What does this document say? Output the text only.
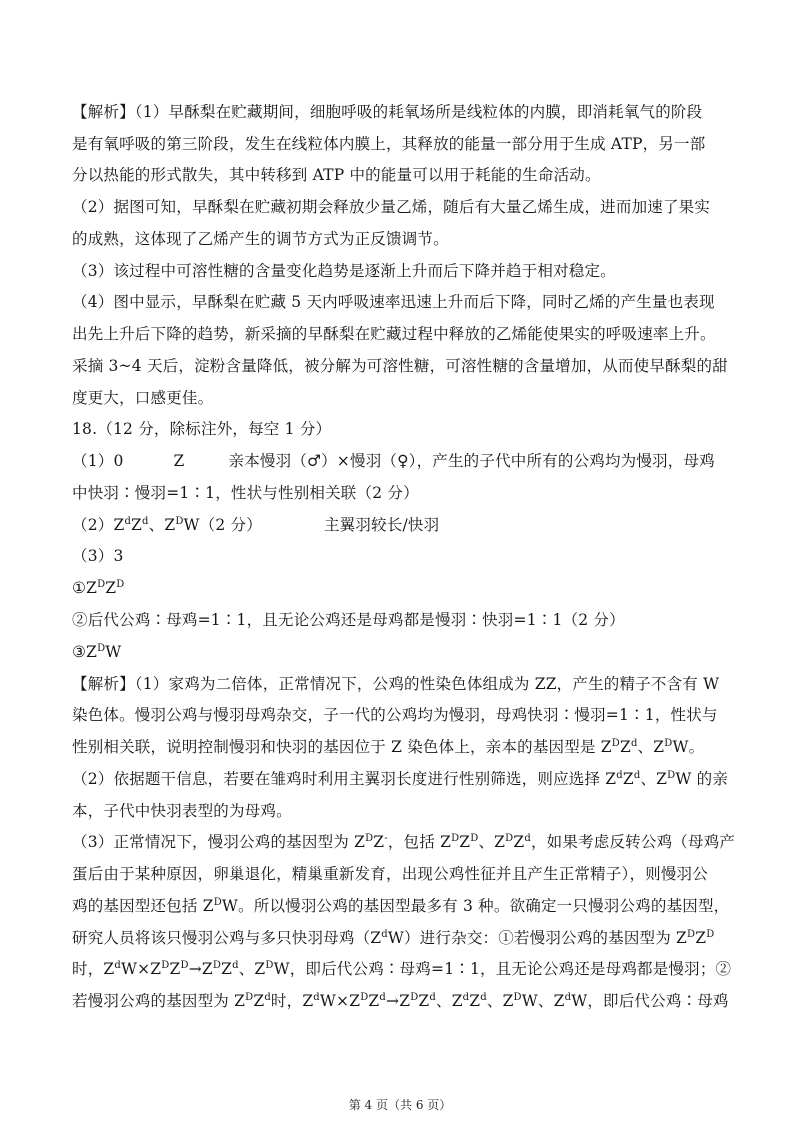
【解析】（1）早酥梨在贮藏期间，细胞呼吸的耗氧场所是线粒体的内膜，即消耗氧气的阶段
是有氧呼吸的第三阶段，发生在线粒体内膜上，其释放的能量一部分用于生成 ATP，另一部
分以热能的形式散失，其中转移到 ATP 中的能量可以用于耗能的生命活动。
（2）据图可知，早酥梨在贮藏初期会释放少量乙烯，随后有大量乙烯生成，进而加速了果实
的成熟，这体现了乙烯产生的调节方式为正反馈调节。
（3）该过程中可溶性糖的含量变化趋势是逐渐上升而后下降并趋于相对稳定。
（4）图中显示，早酥梨在贮藏 5 天内呼吸速率迅速上升而后下降，同时乙烯的产生量也表现
出先上升后下降的趋势，新采摘的早酥梨在贮藏过程中释放的乙烯能使果实的呼吸速率上升。
采摘 3~4 天后，淀粉含量降低，被分解为可溶性糖，可溶性糖的含量增加，从而使早酥梨的甜
度更大，口感更佳。
18.（12 分，除标注外，每空 1 分）
（1）0	Z	亲本慢羽（♂）×慢羽（♀），产生的子代中所有的公鸡均为慢羽，母鸡
中快羽∶慢羽=1∶1，性状与性别相关联（2 分）
$(2)Z^dZ^d$、$Z^DW(2$ 分）	主翼羽较长/快羽
（3）3
$①Z^DZ^D$
②后代公鸡∶母鸡=1∶1，且无论公鸡还是母鸡都是慢羽∶快羽=1∶1（2 分）
$③Z^DW$
【解析】（1）家鸡为二倍体，正常情况下，公鸡的性染色体组成为 ZZ，产生的精子不含有 W
染色体。慢羽公鸡与慢羽母鸡杂交，子一代的公鸡均为慢羽，母鸡快羽∶慢羽=1∶1，性状与
性别相关联，说明控制慢羽和快羽的基因位于 Z 染色体上，亲本的基因型是 $Z^DZ^d$、$Z^DW$。
（2）依据题干信息，若要在雏鸡时利用主翼羽长度进行性别筛选，则应选择 $Z^dZ^d$、$Z^DW$ 的亲
本，子代中快羽表型的为母鸡。
（3）正常情况下，慢羽公鸡的基因型为 $Z^DZ^-$，包括 $Z^DZ^D$、$Z^DZ^d$，如果考虑反转公鸡（母鸡产
蛋后由于某种原因，卵巢退化，精巢重新发育，出现公鸡性征并且产生正常精子），则慢羽公
鸡的基因型还包括 $Z^DW$。所以慢羽公鸡的基因型最多有 3 种。欲确定一只慢羽公鸡的基因型，
研究人员将该只慢羽公鸡与多只快羽母鸡$(Z^dW)$进行杂交：①若慢羽公鸡的基因型为 $Z^DZ^D$
时，$Z^dW\times Z^DZ^D\to Z^DZ^d$、$Z^DW$，即后代公鸡∶母鸡=1∶1，且无论公鸡还是母鸡都是慢羽；②
若慢羽公鸡的基因型为 $Z^DZ^d$时，$Z^dW\times Z^DZ^d\to Z^DZ^d$、$Z^dZ^d$、$Z^DW$、$Z^dW$，即后代公鸡∶母鸡
第 4 页（共 6 页）
